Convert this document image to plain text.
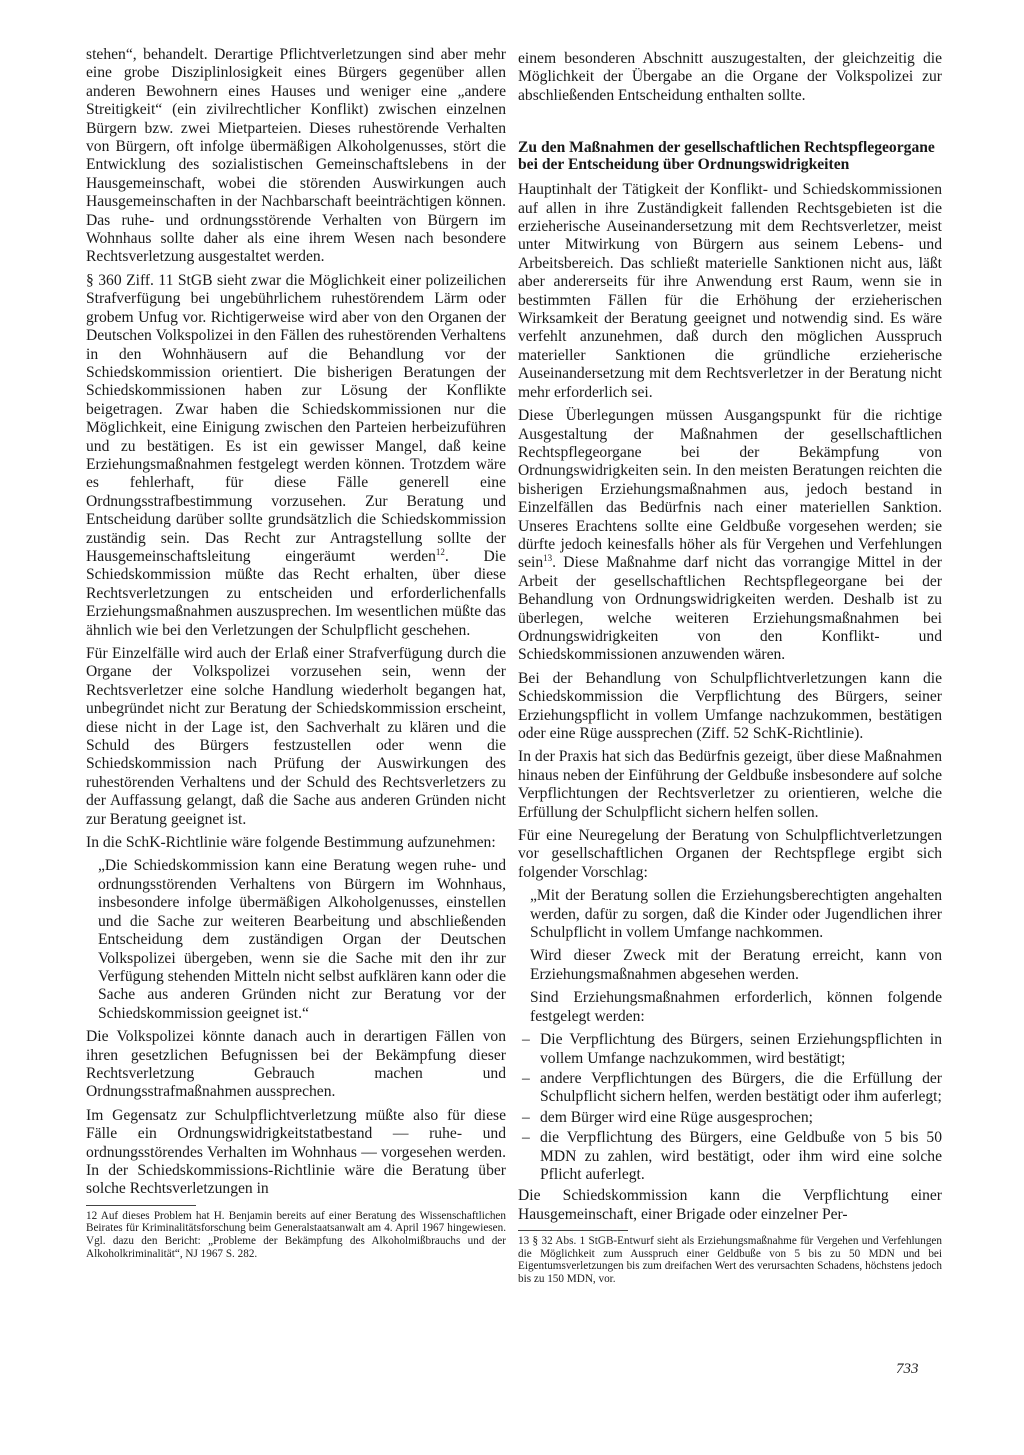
stehen“, behandelt. Derartige Pflichtverletzungen sind aber mehr eine grobe Disziplinlosigkeit eines Bürgers gegenüber allen anderen Bewohnern eines Hauses und weniger eine „andere Streitigkeit“ (ein zivilrechtlicher Konflikt) zwischen einzelnen Bürgern bzw. zwei Mietparteien. Dieses ruhestörende Verhalten von Bürgern, oft infolge übermäßigen Alkoholgenusses, stört die Entwicklung des sozialistischen Gemeinschaftslebens in der Hausgemeinschaft, wobei die störenden Auswirkungen auch Hausgemeinschaften in der Nachbarschaft beeinträchtigen können. Das ruhe- und ordnungsstörende Verhalten von Bürgern im Wohnhaus sollte daher als eine ihrem Wesen nach besondere Rechtsverletzung ausgestaltet werden.

§ 360 Ziff. 11 StGB sieht zwar die Möglichkeit einer polizeilichen Strafverfügung bei ungebührlichem ruhestörendem Lärm oder grobem Unfug vor. Richtigerweise wird aber von den Organen der Deutschen Volkspolizei in den Fällen des ruhestörenden Verhaltens in den Wohnhäusern auf die Behandlung vor der Schiedskommission orientiert. Die bisherigen Beratungen der Schiedskommissionen haben zur Lösung der Konflikte beigetragen. Zwar haben die Schiedskommissionen nur die Möglichkeit, eine Einigung zwischen den Parteien herbeizuführen und zu bestätigen. Es ist ein gewisser Mangel, daß keine Erziehungsmaßnahmen festgelegt werden können. Trotzdem wäre es fehlerhaft, für diese Fälle generell eine Ordnungsstrafbestimmung vorzusehen. Zur Beratung und Entscheidung darüber sollte grundsätzlich die Schiedskommission zuständig sein. Das Recht zur Antragstellung sollte der Hausgemeinschaftsleitung eingeräumt werden$^{12}$. Die Schiedskommission müßte das Recht erhalten, über diese Rechtsverletzungen zu entscheiden und erforderlichenfalls Erziehungsmaßnahmen auszusprechen. Im wesentlichen müßte das ähnlich wie bei den Verletzungen der Schulpflicht geschehen.

Für Einzelfälle wird auch der Erlaß einer Strafverfügung durch die Organe der Volkspolizei vorzusehen sein, wenn der Rechtsverletzer eine solche Handlung wiederholt begangen hat, unbegründet nicht zur Beratung der Schiedskommission erscheint, diese nicht in der Lage ist, den Sachverhalt zu klären und die Schuld des Bürgers festzustellen oder wenn die Schiedskommission nach Prüfung der Auswirkungen des ruhestörenden Verhaltens und der Schuld des Rechtsverletzers zu der Auffassung gelangt, daß die Sache aus anderen Gründen nicht zur Beratung geeignet ist.

In die SchK-Richtlinie wäre folgende Bestimmung aufzunehmen:

„Die Schiedskommission kann eine Beratung wegen ruhe- und ordnungsstörenden Verhaltens von Bürgern im Wohnhaus, insbesondere infolge übermäßigen Alkoholgenusses, einstellen und die Sache zur weiteren Bearbeitung und abschließenden Entscheidung dem zuständigen Organ der Deutschen Volkspolizei übergeben, wenn sie die Sache mit den ihr zur Verfügung stehenden Mitteln nicht selbst aufklären kann oder die Sache aus anderen Gründen nicht zur Beratung vor der Schiedskommission geeignet ist.“

Die Volkspolizei könnte danach auch in derartigen Fällen von ihren gesetzlichen Befugnissen bei der Bekämpfung dieser Rechtsverletzung Gebrauch machen und Ordnungsstrafmaßnahmen aussprechen.

Im Gegensatz zur Schulpflichtverletzung müßte also für diese Fälle ein Ordnungswidrigkeitstatbestand — ruhe- und ordnungsstörendes Verhalten im Wohnhaus — vorgesehen werden. In der Schiedskommissions-Richtlinie wäre die Beratung über solche Rechtsverletzungen in

12 Auf dieses Problem hat H. Benjamin bereits auf einer Beratung des Wissenschaftlichen Beirates für Kriminalitätsforschung beim Generalstaatsanwalt am 4. April 1967 hingewiesen. Vgl. dazu den Bericht: „Probleme der Bekämpfung des Alkoholmißbrauchs und der Alkoholkriminalität“, NJ 1967 S. 282.

einem besonderen Abschnitt auszugestalten, der gleichzeitig die Möglichkeit der Übergabe an die Organe der Volkspolizei zur abschließenden Entscheidung enthalten sollte.

Zu den Maßnahmen der gesellschaftlichen Rechtspflegeorgane bei der Entscheidung über Ordnungswidrigkeiten

Hauptinhalt der Tätigkeit der Konflikt- und Schiedskommissionen auf allen in ihre Zuständigkeit fallenden Rechtsgebieten ist die erzieherische Auseinandersetzung mit dem Rechtsverletzer, meist unter Mitwirkung von Bürgern aus seinem Lebens- und Arbeitsbereich. Das schließt materielle Sanktionen nicht aus, läßt aber andererseits für ihre Anwendung erst Raum, wenn sie in bestimmten Fällen für die Erhöhung der erzieherischen Wirksamkeit der Beratung geeignet und notwendig sind. Es wäre verfehlt anzunehmen, daß durch den möglichen Ausspruch materieller Sanktionen die gründliche erzieherische Auseinandersetzung mit dem Rechtsverletzer in der Beratung nicht mehr erforderlich sei.

Diese Überlegungen müssen Ausgangspunkt für die richtige Ausgestaltung der Maßnahmen der gesellschaftlichen Rechtspflegeorgane bei der Bekämpfung von Ordnungswidrigkeiten sein. In den meisten Beratungen reichten die bisherigen Erziehungsmaßnahmen aus, jedoch bestand in Einzelfällen das Bedürfnis nach einer materiellen Sanktion. Unseres Erachtens sollte eine Geldbuße vorgesehen werden; sie dürfte jedoch keinesfalls höher als für Vergehen und Verfehlungen sein$^{13}$. Diese Maßnahme darf nicht das vorrangige Mittel in der Arbeit der gesellschaftlichen Rechtspflegeorgane bei der Behandlung von Ordnungswidrigkeiten werden. Deshalb ist zu überlegen, welche weiteren Erziehungsmaßnahmen bei Ordnungswidrigkeiten von den Konflikt- und Schiedskommissionen anzuwenden wären.

Bei der Behandlung von Schulpflichtverletzungen kann die Schiedskommission die Verpflichtung des Bürgers, seiner Erziehungspflicht in vollem Umfange nachzukommen, bestätigen oder eine Rüge aussprechen (Ziff. 52 SchK-Richtlinie).

In der Praxis hat sich das Bedürfnis gezeigt, über diese Maßnahmen hinaus neben der Einführung der Geldbuße insbesondere auf solche Verpflichtungen der Rechtsverletzer zu orientieren, welche die Erfüllung der Schulpflicht sichern helfen sollen.

Für eine Neuregelung der Beratung von Schulpflichtverletzungen vor gesellschaftlichen Organen der Rechtspflege ergibt sich folgender Vorschlag:

„Mit der Beratung sollen die Erziehungsberechtigten angehalten werden, dafür zu sorgen, daß die Kinder oder Jugendlichen ihrer Schulpflicht in vollem Umfange nachkommen.

Wird dieser Zweck mit der Beratung erreicht, kann von Erziehungsmaßnahmen abgesehen werden.

Sind Erziehungsmaßnahmen erforderlich, können folgende festgelegt werden:

– Die Verpflichtung des Bürgers, seinen Erziehungspflichten in vollem Umfange nachzukommen, wird bestätigt;
– andere Verpflichtungen des Bürgers, die die Erfüllung der Schulpflicht sichern helfen, werden bestätigt oder ihm auferlegt;
– dem Bürger wird eine Rüge ausgesprochen;
– die Verpflichtung des Bürgers, eine Geldbuße von 5 bis 50 MDN zu zahlen, wird bestätigt, oder ihm wird eine solche Pflicht auferlegt.

Die Schiedskommission kann die Verpflichtung einer Hausgemeinschaft, einer Brigade oder einzelner Per-

13 § 32 Abs. 1 StGB-Entwurf sieht als Erziehungsmaßnahme für Vergehen und Verfehlungen die Möglichkeit zum Ausspruch einer Geldbuße von 5 bis zu 50 MDN und bei Eigentumsverletzungen bis zum dreifachen Wert des verursachten Schadens, höchstens jedoch bis zu 150 MDN, vor.

733
